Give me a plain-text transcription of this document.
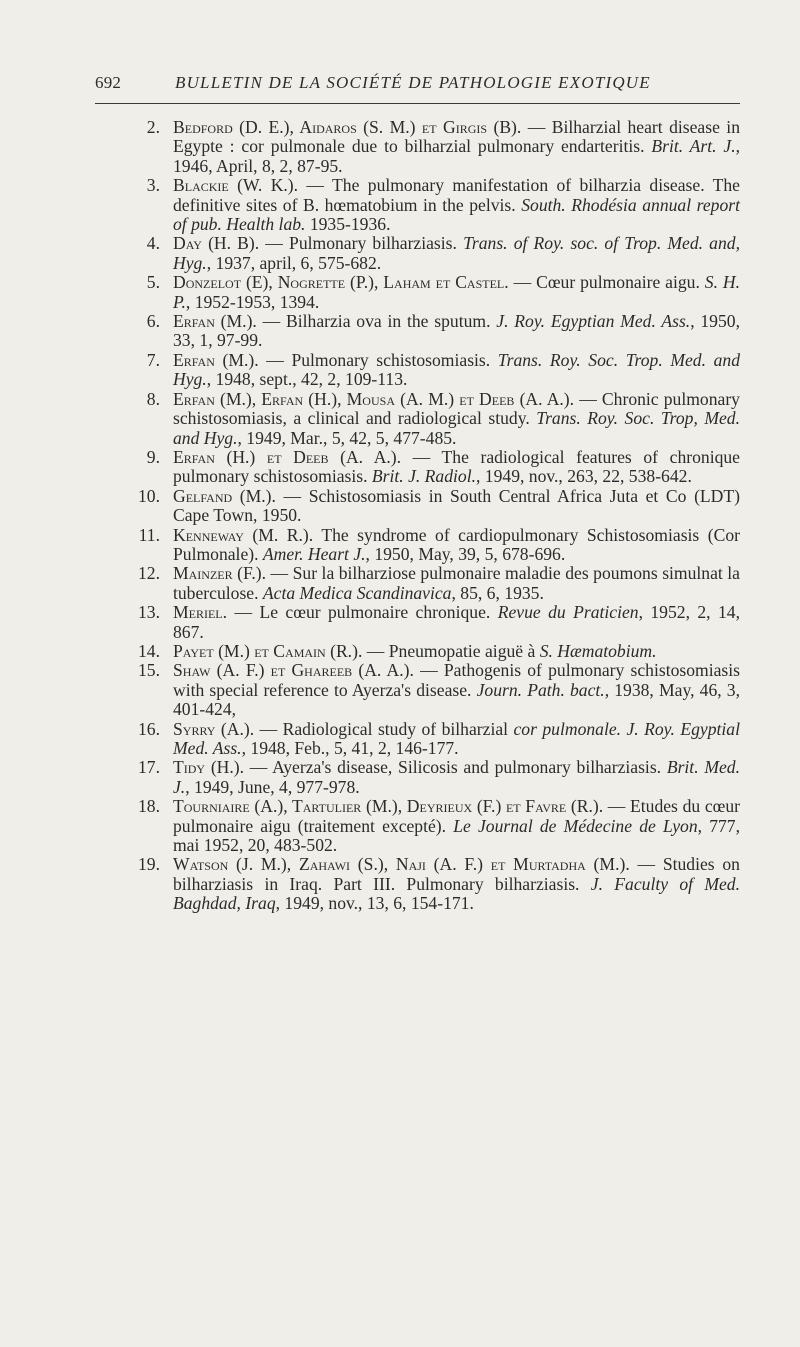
692	BULLETIN DE LA SOCIÉTÉ DE PATHOLOGIE EXOTIQUE
2. Bedford (D. E.), Aidaros (S. M.) et Girgis (B). — Bilharzial heart disease in Egypte : cor pulmonale due to bilharzial pulmonary endarteritis. Brit. Art. J., 1946, April, 8, 2, 87-95.
3. Blackie (W. K.). — The pulmonary manifestation of bilharzia disease. The definitive sites of B. hœmatobium in the pelvis. South. Rhodésia annual report of pub. Health lab. 1935-1936.
4. Day (H. B). — Pulmonary bilharziasis. Trans. of Roy. soc. of Trop. Med. and, Hyg., 1937, april, 6, 575-682.
5. Donzelot (E), Nogrette (P.), Laham et Castel. — Cœur pulmonaire aigu. S. H. P., 1952-1953, 1394.
6. Erfan (M.). — Bilharzia ova in the sputum. J. Roy. Egyptian Med. Ass., 1950, 33, 1, 97-99.
7. Erfan (M.). — Pulmonary schistosomiasis. Trans. Roy. Soc. Trop. Med. and Hyg., 1948, sept., 42, 2, 109-113.
8. Erfan (M.), Erfan (H.), Mousa (A. M.) et Deeb (A. A.). — Chronic pulmonary schistosomiasis, a clinical and radiological study. Trans. Roy. Soc. Trop, Med. and Hyg., 1949, Mar., 5, 42, 5, 477-485.
9. Erfan (H.) et Deeb (A. A.). — The radiological features of chronique pulmonary schistosomiasis. Brit. J. Radiol., 1949, nov., 263, 22, 538-642.
10. Gelfand (M.). — Schistosomiasis in South Central Africa Juta et Co (LDT) Cape Town, 1950.
11. Kenneway (M. R.). The syndrome of cardiopulmonary Schistosomiasis (Cor Pulmonale). Amer. Heart J., 1950, May, 39, 5, 678-696.
12. Mainzer (F.). — Sur la bilharziose pulmonaire maladie des poumons simulnat la tuberculose. Acta Medica Scandinavica, 85, 6, 1935.
13. Meriel. — Le cœur pulmonaire chronique. Revue du Praticien, 1952, 2, 14, 867.
14. Payet (M.) et Camain (R.). — Pneumopatie aiguë à S. Hæmatobium.
15. Shaw (A. F.) et Ghareeb (A. A.). — Pathogenis of pulmonary schistosomiasis with special reference to Ayerza's disease. Journ. Path. bact., 1938, May, 46, 3, 401-424,
16. Syrry (A.). — Radiological study of bilharzial cor pulmonale. J. Roy. Egyptial Med. Ass., 1948, Feb., 5, 41, 2, 146-177.
17. Tidy (H.). — Ayerza's disease, Silicosis and pulmonary bilharziasis. Brit. Med. J., 1949, June, 4, 977-978.
18. Tourniaire (A.), Tartulier (M.), Deyrieux (F.) et Favre (R.). — Etudes du cœur pulmonaire aigu (traitement excepté). Le Journal de Médecine de Lyon, 777, mai 1952, 20, 483-502.
19. Watson (J. M.), Zahawi (S.), Naji (A. F.) et Murtadha (M.). — Studies on bilharziasis in Iraq. Part III. Pulmonary bilharziasis. J. Faculty of Med. Baghdad, Iraq, 1949, nov., 13, 6, 154-171.
